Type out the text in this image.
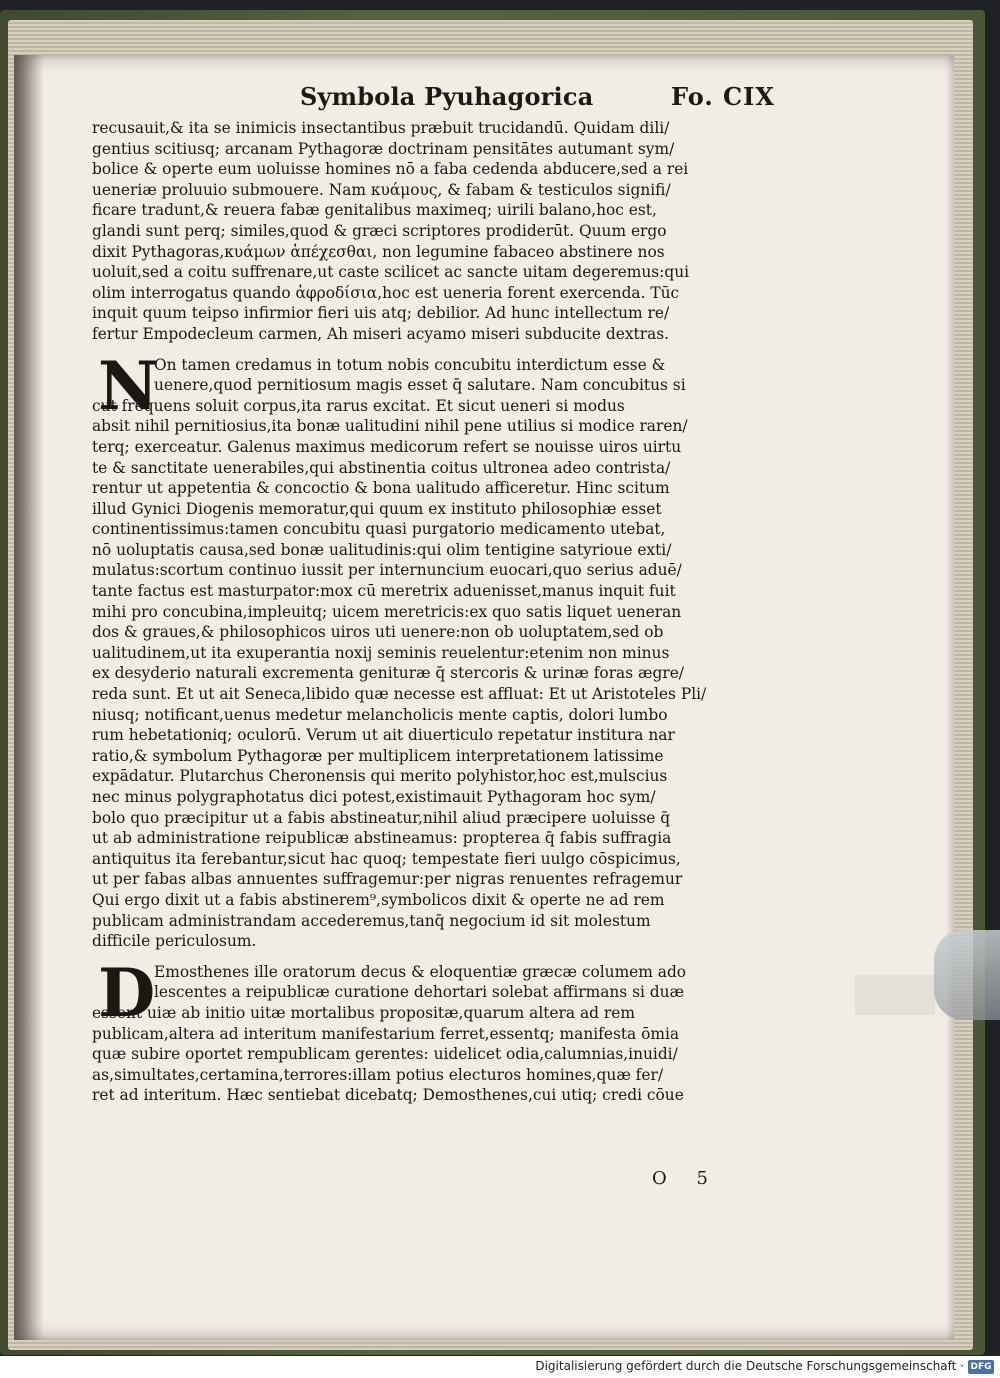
Symbola Pyuhagorica	Fo. CIX
recusauit,& ita se inimicis insectantibus præbuit trucidandū. Quidam dili/
gentius scitiusq; arcanam Pythagoræ doctrinam pensitātes autumant sym/
bolice & operte eum uoluisse homines nō a faba cedenda abducere,sed a rei
ueneriæ proluuio submouere. Nam κυάμους, & fabam & testiculos signifi/
ficare tradunt,& reuera fabæ genitalibus maximeq; uirili balano,hoc est,
glandi sunt perq; similes,quod & græci scriptores prodiderūt. Quum ergo
dixit Pythagoras,κυάμων ἀπέχεσθαι, non legumine fabaceo abstinere nos
uoluit,sed a coitu suffrenare,ut caste scilicet ac sancte uitam degeremus:qui
olim interrogatus quando ἀφροδίσια,hoc est ueneria forent exercenda. Tūc
inquit quum teipso infirmior fieri uis atq; debilior. Ad hunc intellectum re/
fertur Empodecleum carmen, Ah miseri acyamo miseri subducite dextras.
N
On tamen credamus in totum nobis concubitu interdictum esse &
uenere,quod pernitiosum magis esset q̄ salutare. Nam concubitus si
cut frequens soluit corpus,ita rarus excitat. Et sicut ueneri si modus
absit nihil pernitiosius,ita bonæ ualitudini nihil pene utilius si modice raren/
terq; exerceatur. Galenus maximus medicorum refert se nouisse uiros uirtu
te & sanctitate uenerabiles,qui abstinentia coitus ultronea adeo contrista/
rentur ut appetentia & concoctio & bona ualitudo afficeretur. Hinc scitum
illud Gynici Diogenis memoratur,qui quum ex instituto philosophiæ esset
continentissimus:tamen concubitu quasi purgatorio medicamento utebat,
nō uoluptatis causa,sed bonæ ualitudinis:qui olim tentigine satyrioue exti/
mulatus:scortum continuo iussit per internuncium euocari,quo serius aduē/
tante factus est masturpator:mox cū meretrix aduenisset,manus inquit fuit
mihi pro concubina,impleuitq; uicem meretricis:ex quo satis liquet ueneran
dos & graues,& philosophicos uiros uti uenere:non ob uoluptatem,sed ob
ualitudinem,ut ita exuperantia noxij seminis reuelentur:etenim non minus
ex desyderio naturali excrementa genituræ q̄ stercoris & urinæ foras ægre/
reda sunt. Et ut ait Seneca,libido quæ necesse est affluat: Et ut Aristoteles Pli/
niusq; notificant,uenus medetur melancholicis mente captis, dolori lumbo
rum hebetationiq; oculorū. Verum ut ait diuerticulo repetatur institura nar
ratio,& symbolum Pythagoræ per multiplicem interpretationem latissime
expādatur. Plutarchus Cheronensis qui merito polyhistor,hoc est,mulscius
nec minus polygraphotatus dici potest,existimauit Pythagoram hoc sym/
bolo quo præcipitur ut a fabis abstineatur,nihil aliud præcipere uoluisse q̄
ut ab administratione reipublicæ abstineamus: propterea q̄ fabis suffragia
antiquitus ita ferebantur,sicut hac quoq; tempestate fieri uulgo cōspicimus,
ut per fabas albas annuentes suffragemur:per nigras renuentes refragemur
Qui ergo dixit ut a fabis abstinerem⁹,symbolicos dixit & operte ne ad rem
publicam administrandam accederemus,tanq̄ negocium id sit molestum
difficile periculosum.
D
Emosthenes ille oratorum decus & eloquentiæ græcæ columem ado
lescentes a reipublicæ curatione dehortari solebat affirmans si duæ
essent uiæ ab initio uitæ mortalibus propositæ,quarum altera ad rem
publicam,altera ad interitum manifestarium ferret,essentq; manifesta ōmia
quæ subire oportet rempublicam gerentes: uidelicet odia,calumnias,inuidi/
as,simultates,certamina,terrores:illam potius electuros homines,quæ fer/
ret ad interitum. Hæc sentiebat dicebatq; Demosthenes,cui utiq; credi cōue
O 5
Digitalisierung gefördert durch die Deutsche Forschungsgemeinschaft · DFG
